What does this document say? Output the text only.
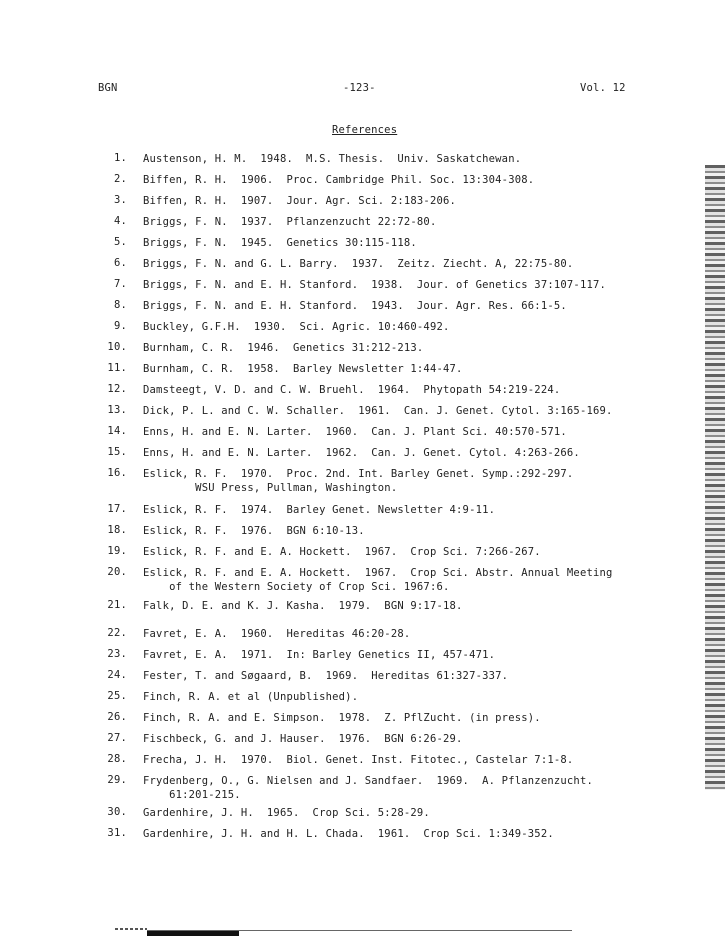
BGN	-123-	Vol. 12
References
1. Austenson, H. M.  1948.  M.S. Thesis.  Univ. Saskatchewan.
2. Biffen, R. H.  1906.  Proc. Cambridge Phil. Soc. 13:304-308.
3. Biffen, R. H.  1907.  Jour. Agr. Sci. 2:183-206.
4. Briggs, F. N.  1937.  Pflanzenzucht 22:72-80.
5. Briggs, F. N.  1945.  Genetics 30:115-118.
6. Briggs, F. N. and G. L. Barry.  1937.  Zeitz. Ziecht. A, 22:75-80.
7. Briggs, F. N. and E. H. Stanford.  1938.  Jour. of Genetics 37:107-117.
8. Briggs, F. N. and E. H. Stanford.  1943.  Jour. Agr. Res. 66:1-5.
9. Buckley, G.F.H.  1930.  Sci. Agric. 10:460-492.
10. Burnham, C. R.  1946.  Genetics 31:212-213.
11. Burnham, C. R.  1958.  Barley Newsletter 1:44-47.
12. Damsteegt, V. D. and C. W. Bruehl.  1964.  Phytopath 54:219-224.
13. Dick, P. L. and C. W. Schaller.  1961.  Can. J. Genet. Cytol. 3:165-169.
14. Enns, H. and E. N. Larter.  1960.  Can. J. Plant Sci. 40:570-571.
15. Enns, H. and E. N. Larter.  1962.  Can. J. Genet. Cytol. 4:263-266.
16. Eslick, R. F.  1970.  Proc. 2nd. Int. Barley Genet. Symp.:292-297.
WSU Press, Pullman, Washington.
17. Eslick, R. F.  1974.  Barley Genet. Newsletter 4:9-11.
18. Eslick, R. F.  1976.  BGN 6:10-13.
19. Eslick, R. F. and E. A. Hockett.  1967.  Crop Sci. 7:266-267.
20. Eslick, R. F. and E. A. Hockett.  1967.  Crop Sci. Abstr. Annual Meeting
of the Western Society of Crop Sci. 1967:6.
21. Falk, D. E. and K. J. Kasha.  1979.  BGN 9:17-18.
22. Favret, E. A.  1960.  Hereditas 46:20-28.
23. Favret, E. A.  1971.  In: Barley Genetics II, 457-471.
24. Fester, T. and Søgaard, B.  1969.  Hereditas 61:327-337.
25. Finch, R. A. et al (Unpublished).
26. Finch, R. A. and E. Simpson.  1978.  Z. PflZucht. (in press).
27. Fischbeck, G. and J. Hauser.  1976.  BGN 6:26-29.
28. Frecha, J. H.  1970.  Biol. Genet. Inst. Fitotec., Castelar 7:1-8.
29. Frydenberg, O., G. Nielsen and J. Sandfaer.  1969.  A. Pflanzenzucht.
61:201-215.
30. Gardenhire, J. H.  1965.  Crop Sci. 5:28-29.
31. Gardenhire, J. H. and H. L. Chada.  1961.  Crop Sci. 1:349-352.
